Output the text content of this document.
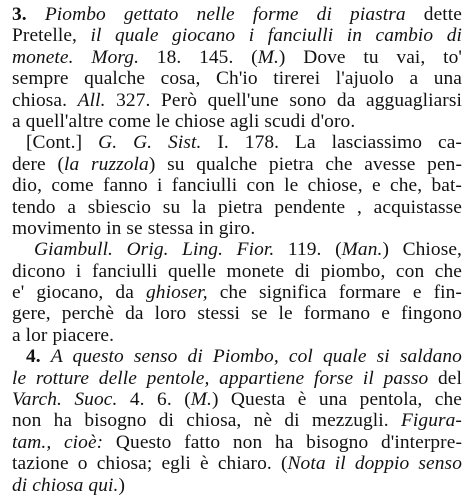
3. Piombo gettato nelle forme di piastra dette
Pretelle, il quale giocano i fanciulli in cambio di
monete. Morg. 18. 145. (M.) Dove tu vai, to'
sempre qualche cosa, Ch'io tirerei l'ajuolo a una
chiosa. All. 327. Però quell'une sono da agguagliarsi
a quell'altre come le chiose agli scudi d'oro.
[Cont.] G. G. Sist. I. 178. La lasciassimo ca-
dere (la ruzzola) su qualche pietra che avesse pen-
dio, come fanno i fanciulli con le chiose, e che, bat-
tendo a sbiescio su la pietra pendente , acquistasse
movimento in se stessa in giro.
Giambull. Orig. Ling. Fior. 119. (Man.) Chiose,
dicono i fanciulli quelle monete di piombo, con che
e' giocano, da ghioser, che significa formare e fin-
gere, perchè da loro stessi se le formano e fingono
a lor piacere.
4. A questo senso di Piombo, col quale si saldano
le rotture delle pentole, appartiene forse il passo del
Varch. Suoc. 4. 6. (M.) Questa è una pentola, che
non ha bisogno di chiosa, nè di mezzugli. Figura-
tam., cioè: Questo fatto non ha bisogno d'interpre-
tazione o chiosa; egli è chiaro. (Nota il doppio senso
di chiosa qui.)
